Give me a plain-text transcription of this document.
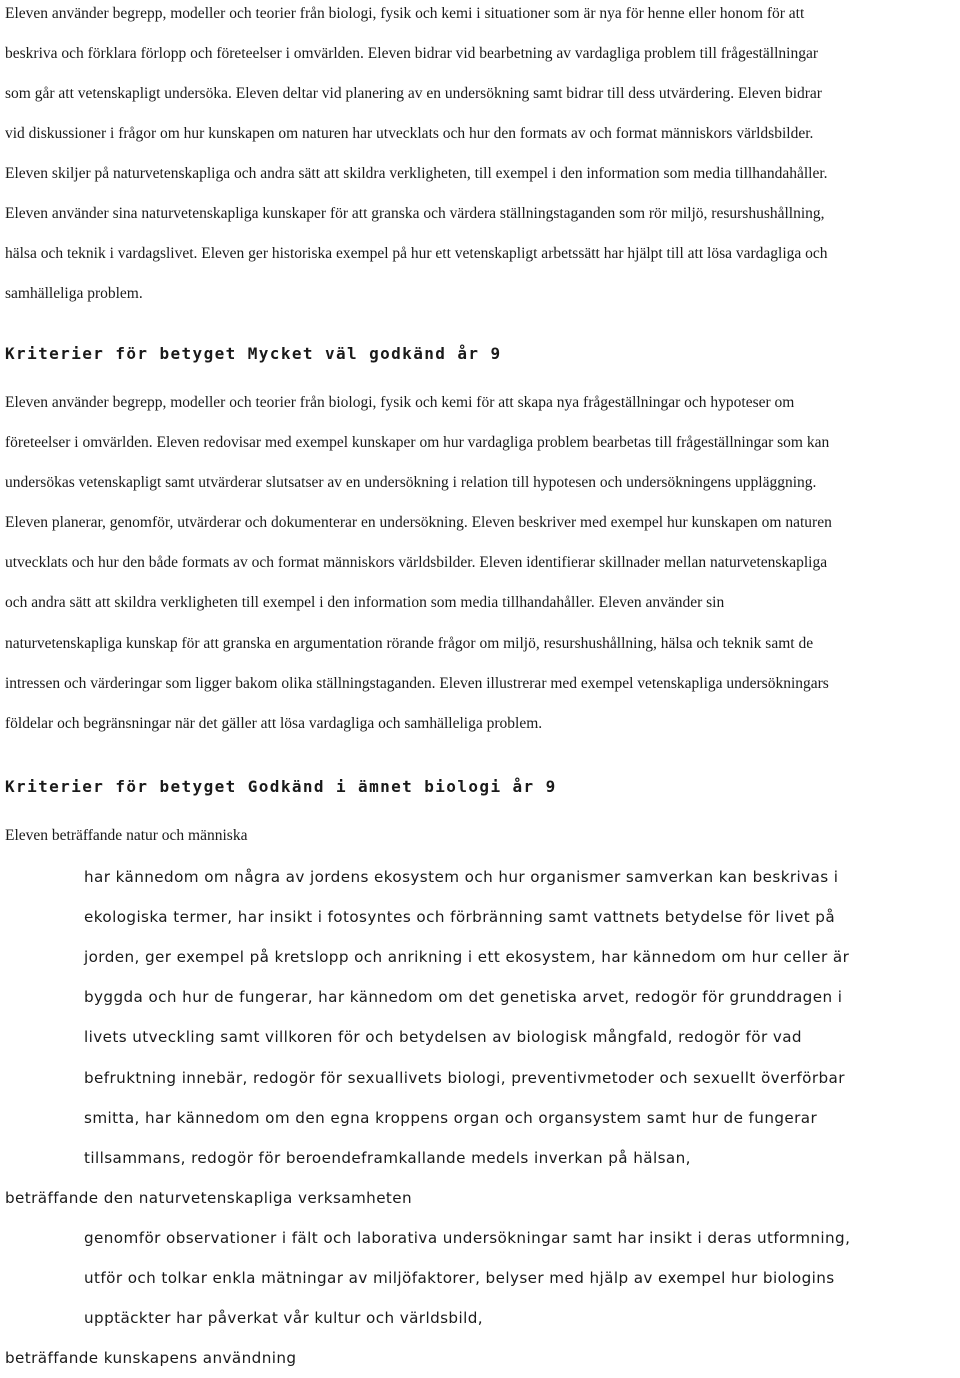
Eleven använder begrepp, modeller och teorier från biologi, fysik och kemi i situationer som är nya för henne eller honom för att

beskriva och förklara förlopp och företeelser i omvärlden. Eleven bidrar vid bearbetning av vardagliga problem till frågeställningar

som går att vetenskapligt undersöka. Eleven deltar vid planering av en undersökning samt bidrar till dess utvärdering. Eleven bidrar

vid diskussioner i frågor om hur kunskapen om naturen har utvecklats och hur den formats av och format människors världsbilder.

Eleven skiljer på naturvetenskapliga och andra sätt att skildra verkligheten, till exempel i den information som media tillhandahåller.

Eleven använder sina naturvetenskapliga kunskaper för att granska och värdera ställningstaganden som rör miljö, resurshushållning,

hälsa och teknik i vardagslivet. Eleven ger historiska exempel på hur ett vetenskapligt arbetssätt har hjälpt till att lösa vardagliga och

samhälleliga problem.

Kriterier för betyget Mycket väl godkänd år 9

Eleven använder begrepp, modeller och teorier från biologi, fysik och kemi för att skapa nya frågeställningar och hypoteser om

företeelser i omvärlden. Eleven redovisar med exempel kunskaper om hur vardagliga problem bearbetas till frågeställningar som kan

undersökas vetenskapligt samt utvärderar slutsatser av en undersökning i relation till hypotesen och undersökningens uppläggning.

Eleven planerar, genomför, utvärderar och dokumenterar en undersökning. Eleven beskriver med exempel hur kunskapen om naturen

utvecklats och hur den både formats av och format människors världsbilder. Eleven identifierar skillnader mellan naturvetenskapliga

och andra sätt att skildra verkligheten till exempel i den information som media tillhandahåller. Eleven använder sin

naturvetenskapliga kunskap för att granska en argumentation rörande frågor om miljö, resurshushållning, hälsa och teknik samt de

intressen och värderingar som ligger bakom olika ställningstaganden. Eleven illustrerar med exempel vetenskapliga undersökningars

földelar och begränsningar när det gäller att lösa vardagliga och samhälleliga problem.

Kriterier för betyget Godkänd i ämnet biologi år 9

Eleven beträffande natur och människa

har kännedom om några av jordens ekosystem och hur organismer samverkan kan beskrivas i

ekologiska termer, har insikt i fotosyntes och förbränning samt vattnets betydelse för livet på

jorden, ger exempel på kretslopp och anrikning i ett ekosystem, har kännedom om hur celler är

byggda och hur de fungerar, har kännedom om det genetiska arvet, redogör för grunddragen i

livets utveckling samt villkoren för och betydelsen av biologisk mångfald, redogör för vad

befruktning innebär, redogör för sexuallivets biologi, preventivmetoder och sexuellt överförbar

smitta, har kännedom om den egna kroppens organ och organsystem samt hur de fungerar

tillsammans, redogör för beroendeframkallande medels inverkan på hälsan,

beträffande den naturvetenskapliga verksamheten

genomför observationer i fält och laborativa undersökningar samt har insikt i deras utformning,

utför och tolkar enkla mätningar av miljöfaktorer, belyser med hjälp av exempel hur biologins

upptäckter har påverkat vår kultur och världsbild,

beträffande kunskapens användning
